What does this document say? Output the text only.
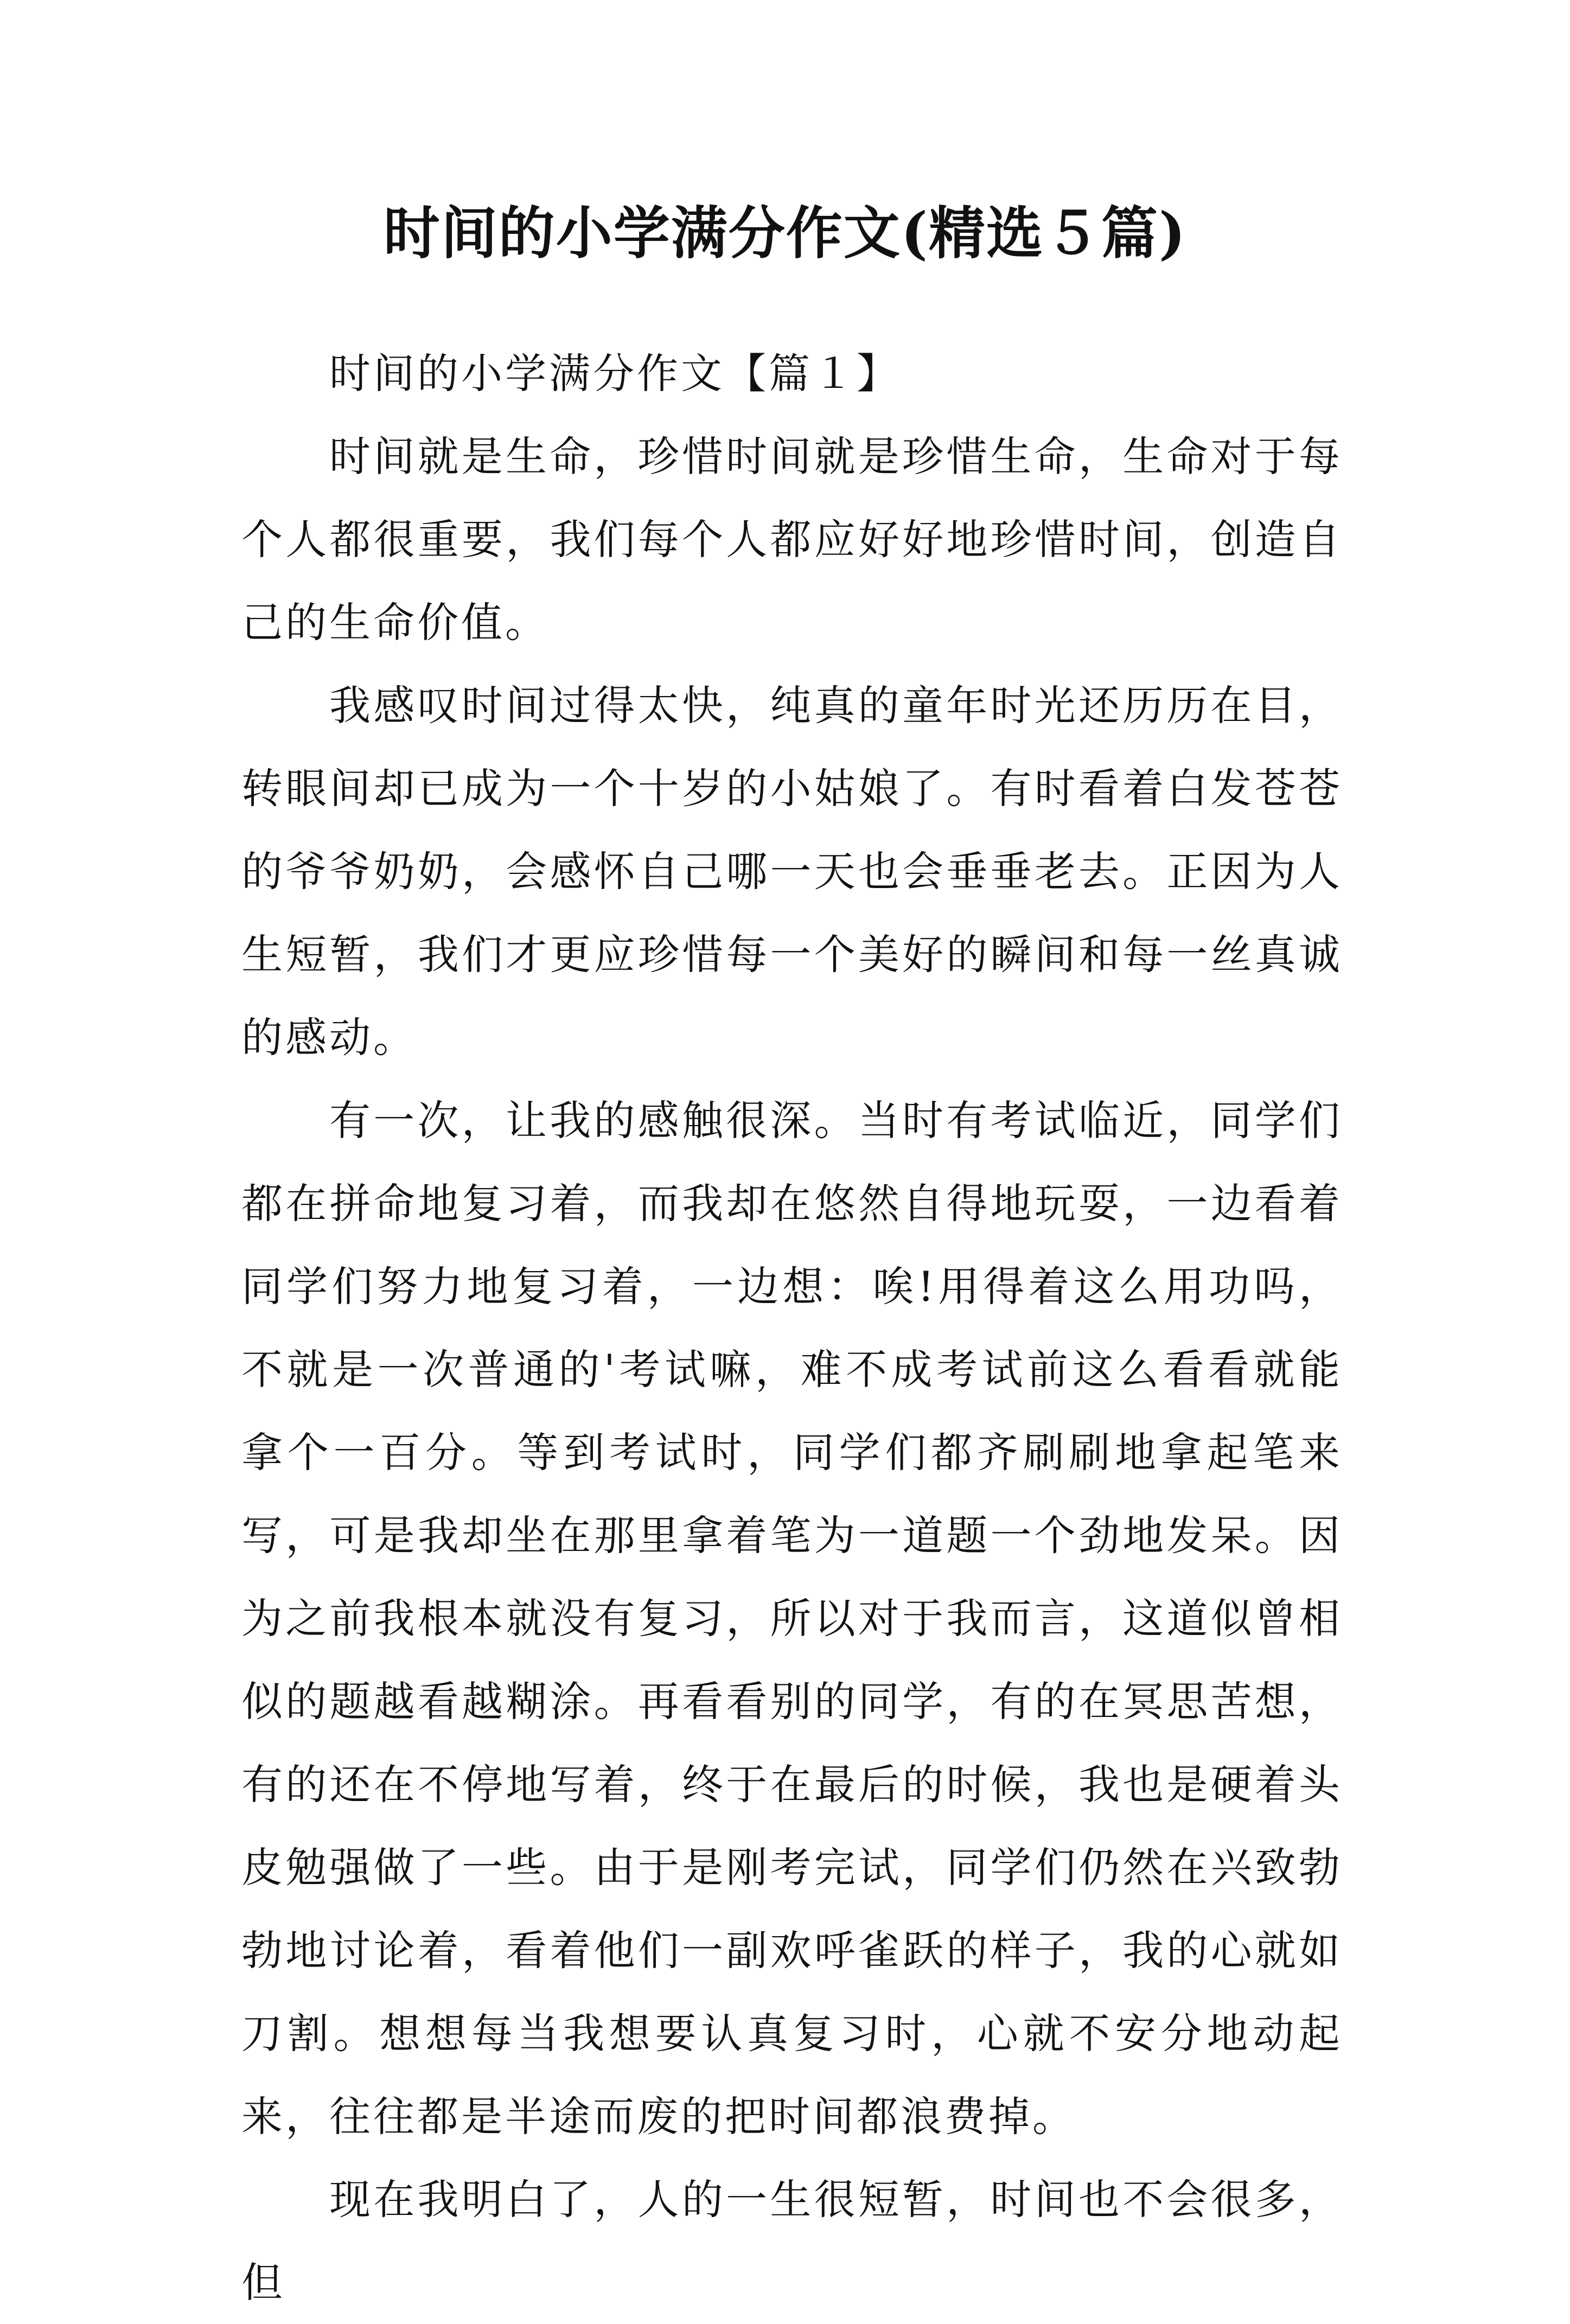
时间的小学满分作文(精选５篇)

时间的小学满分作文【篇１】

时间就是生命，珍惜时间就是珍惜生命，生命对于每个人都很重要，我们每个人都应好好地珍惜时间，创造自己的生命价值。

我感叹时间过得太快，纯真的童年时光还历历在目，转眼间却已成为一个十岁的小姑娘了。有时看着白发苍苍的爷爷奶奶，会感怀自己哪一天也会垂垂老去。正因为人生短暂，我们才更应珍惜每一个美好的瞬间和每一丝真诚的感动。

有一次，让我的感触很深。当时有考试临近，同学们都在拼命地复习着，而我却在悠然自得地玩耍，一边看着同学们努力地复习着，一边想：唉!用得着这么用功吗，不就是一次普通的'考试嘛，难不成考试前这么看看就能拿个一百分。等到考试时，同学们都齐刷刷地拿起笔来写，可是我却坐在那里拿着笔为一道题一个劲地发呆。因为之前我根本就没有复习，所以对于我而言，这道似曾相似的题越看越糊涂。再看看别的同学，有的在冥思苦想，有的还在不停地写着，终于在最后的时候，我也是硬着头皮勉强做了一些。由于是刚考完试，同学们仍然在兴致勃勃地讨论着，看着他们一副欢呼雀跃的样子，我的心就如刀割。想想每当我想要认真复习时，心就不安分地动起来，往往都是半途而废的把时间都浪费掉。

现在我明白了，人的一生很短暂，时间也不会很多，但
